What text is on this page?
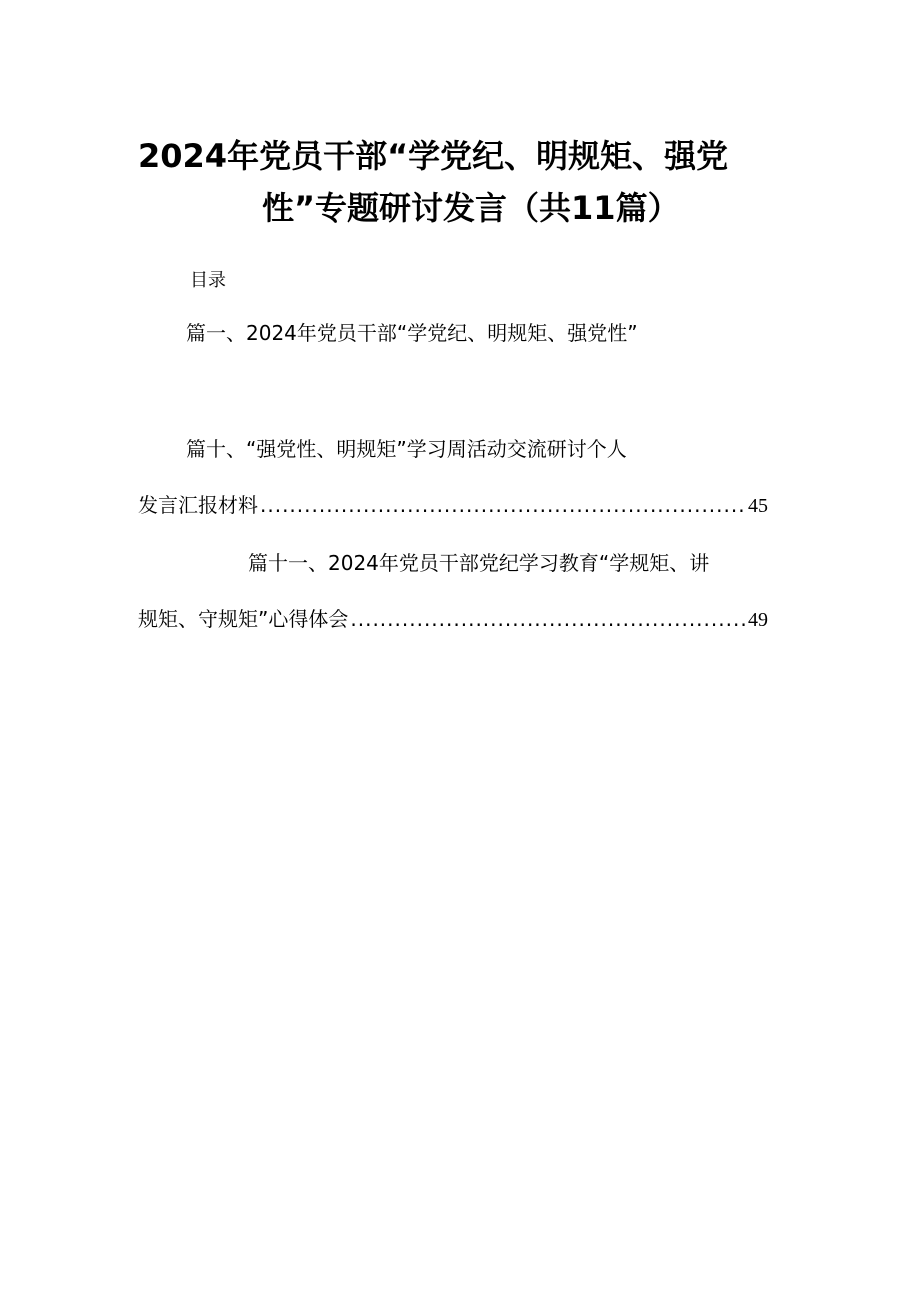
2024年党员干部“学党纪、明规矩、强党
性”专题研讨发言（共11篇）
目录
篇一、2024年党员干部“学党纪、明规矩、强党性”
篇十、“强党性、明规矩”学习周活动交流研讨个人
发言汇报材料 .....	45
篇十一、2024年党员干部党纪学习教育“学规矩、讲
规矩、守规矩”心得体会 .....	49
